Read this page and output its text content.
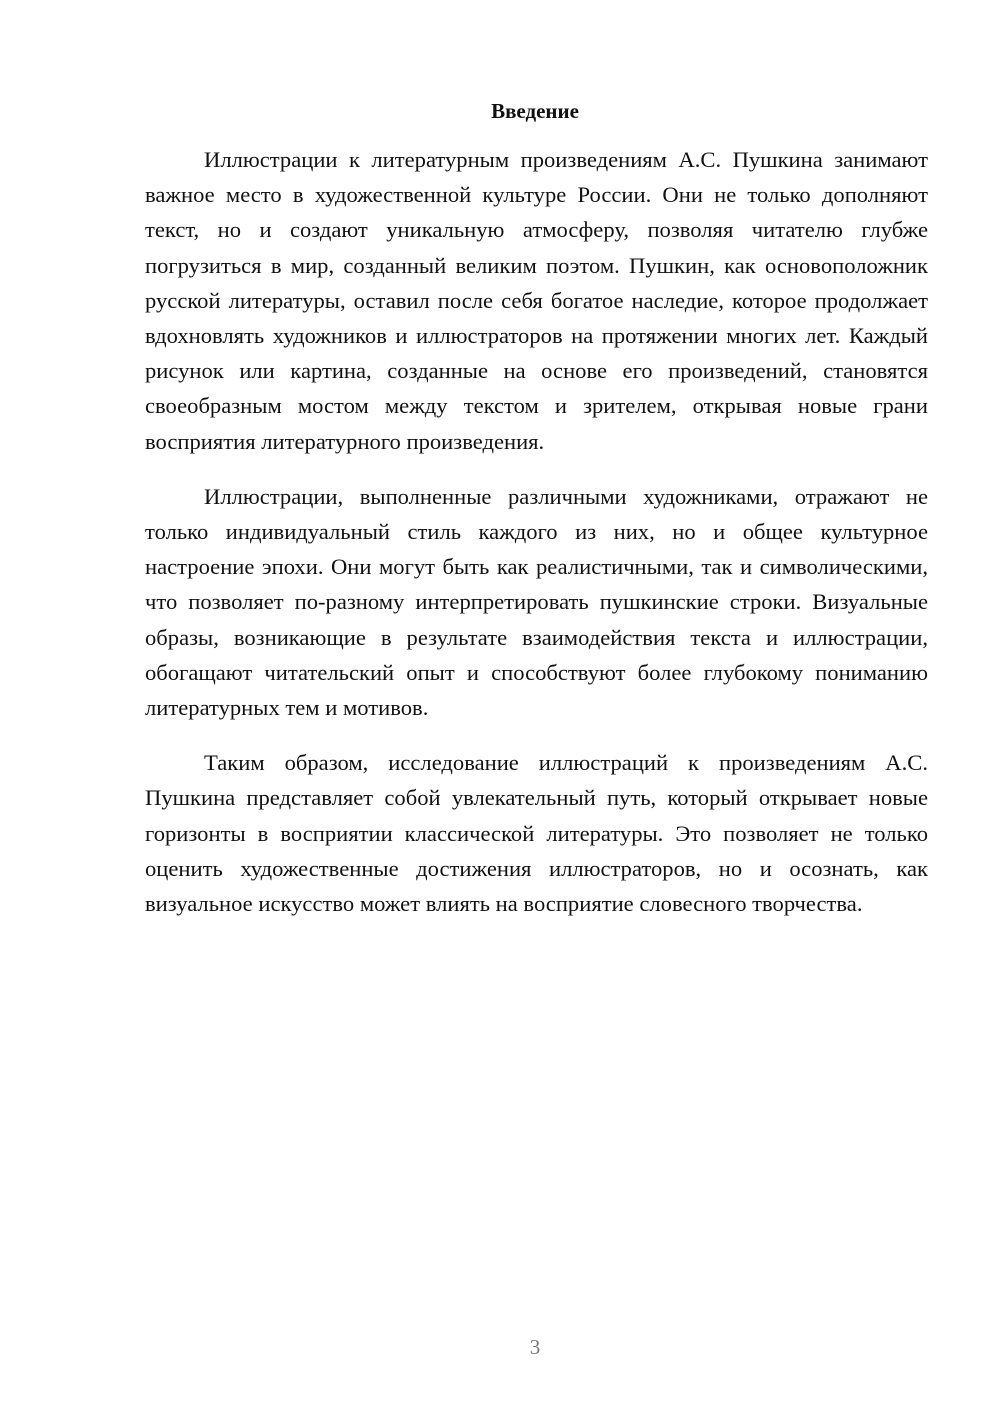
Введение

Иллюстрации к литературным произведениям А.С. Пушкина занимают важное место в художественной культуре России. Они не только дополняют текст, но и создают уникальную атмосферу, позволяя читателю глубже погрузиться в мир, созданный великим поэтом. Пушкин, как основоположник русской литературы, оставил после себя богатое наследие, которое продолжает вдохновлять художников и иллюстраторов на протяжении многих лет. Каждый рисунок или картина, созданные на основе его произведений, становятся своеобразным мостом между текстом и зрителем, открывая новые грани восприятия литературного произведения.

Иллюстрации, выполненные различными художниками, отражают не только индивидуальный стиль каждого из них, но и общее культурное настроение эпохи. Они могут быть как реалистичными, так и символическими, что позволяет по-разному интерпретировать пушкинские строки. Визуальные образы, возникающие в результате взаимодействия текста и иллюстрации, обогащают читательский опыт и способствуют более глубокому пониманию литературных тем и мотивов.

Таким образом, исследование иллюстраций к произведениям А.С. Пушкина представляет собой увлекательный путь, который открывает новые горизонты в восприятии классической литературы. Это позволяет не только оценить художественные достижения иллюстраторов, но и осознать, как визуальное искусство может влиять на восприятие словесного творчества.

3
